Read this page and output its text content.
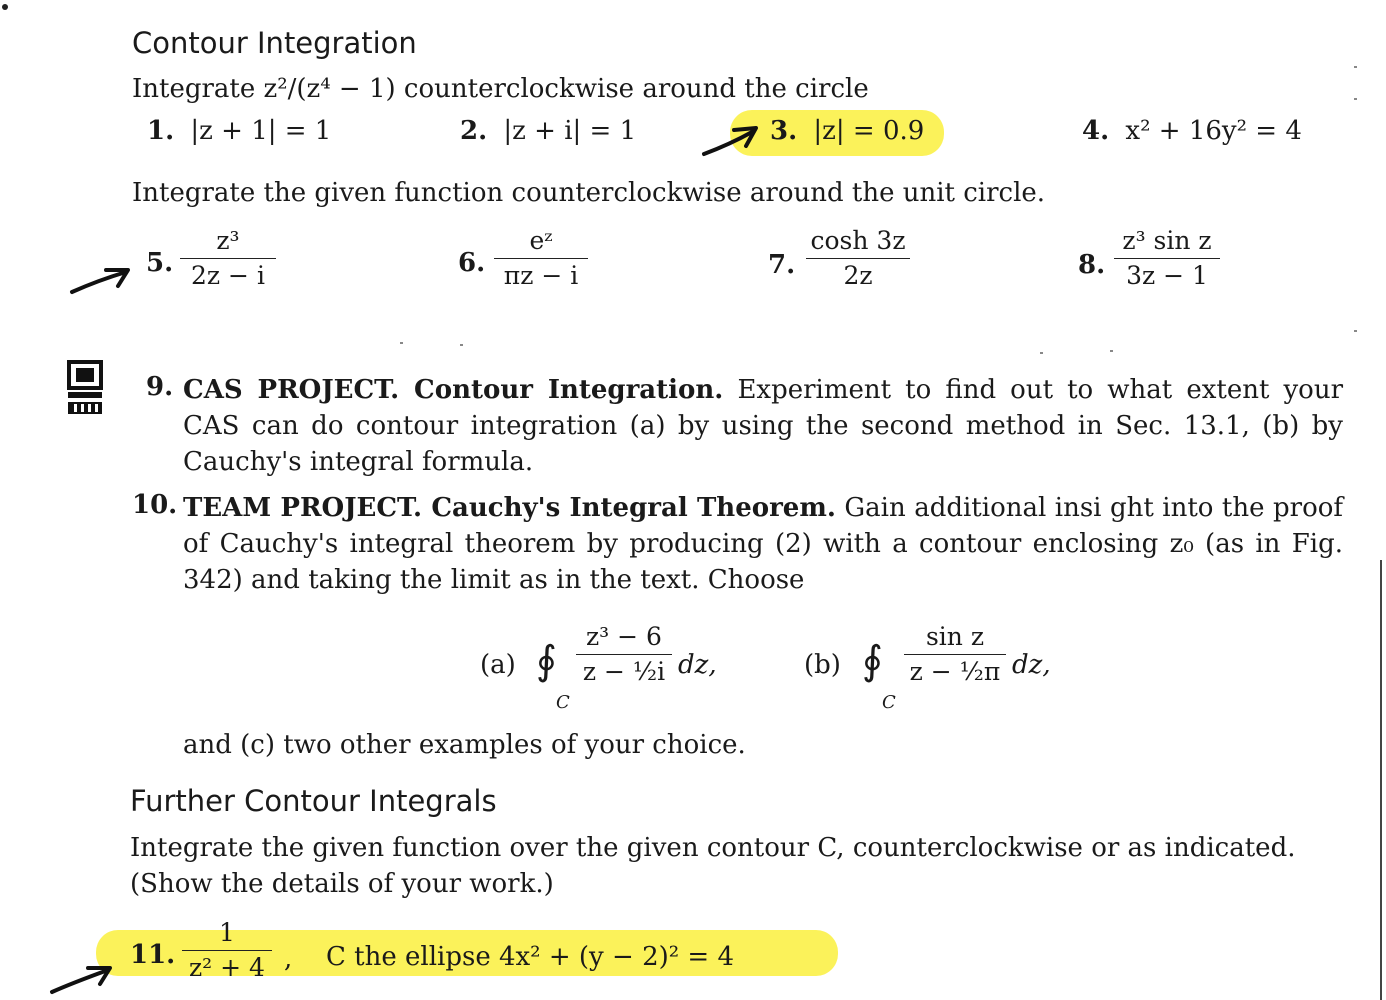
Contour Integration
Integrate z²/(z⁴ − 1) counterclockwise around the circle
1. |z + 1| = 1	2. |z + i| = 1	3. |z| = 0.9	4. x² + 16y² = 4
Integrate the given function counterclockwise around the unit circle.
5.
z³
2z − i	6.
eᶻ
πz − i	7.
cosh 3z
2z	8.
z³ sin z
3z − 1
9. CAS PROJECT. Contour Integration. Experiment to find out to what extent your CAS can do contour integration (a) by using the second method in Sec. 13.1, (b) by Cauchy's integral formula.
10. TEAM PROJECT. Cauchy's Integral Theorem. Gain additional insi ght into the proof of Cauchy's integral theorem by producing (2) with a contour enclosing z₀ (as in Fig. 342) and taking the limit as in the text. Choose
(a) ∮
C
z³ − 6
z − ½i dz,	(b) ∮
C
sin z
z − ½π dz,
and (c) two other examples of your choice.
Further Contour Integrals
Integrate the given function over the given contour C, counterclockwise or as indicated. (Show the details of your work.)
11.
1
z² + 4 , C the ellipse 4x² + (y − 2)² = 4
